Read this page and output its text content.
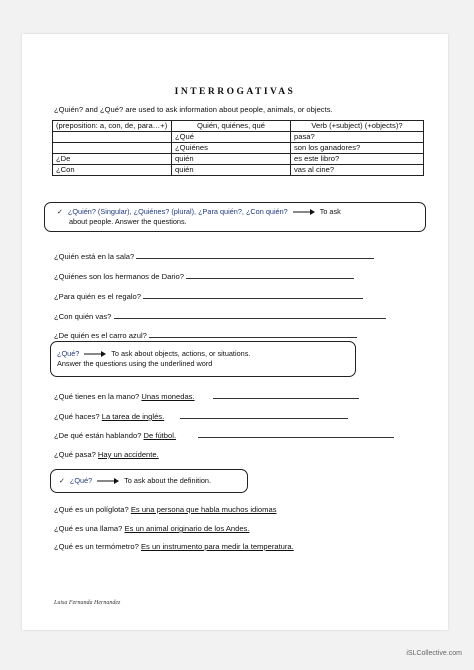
INTERROGATIVAS
¿Quién? and ¿Qué? are used to ask information about people, animals, or objects.
(preposition: a, con, de, para…+)	Quién, quiénes, qué	Verb (+subject) (+objects)?
	¿Qué	pasa?
	¿Quiénes	son los ganadores?
¿De	quién	es este libro?
¿Con	quién	vas al cine?
✓ ¿Quién? (Singular), ¿Quiénes? (plural), ¿Para quién?, ¿Con quién?	To ask
about people. Answer the questions.
¿Quién está en la sala?
¿Quiénes son los hermanos de Dario?
¿Para quién es el regalo?
¿Con quién vas?
¿De quién es el carro azul?
¿Qué?	To ask about objects, actions, or situations.
Answer the questions using the underlined word
¿Qué tienes en la mano? Unas monedas.
¿Qué haces? La tarea de inglés.
¿De qué están hablando? De fútbol.
¿Qué pasa? Hay un accidente.
✓ ¿Qué?	To ask about the definition.
¿Qué es un políglota? Es una persona que habla muchos idiomas
¿Qué es una llama? Es un animal originario de los Andes.
¿Qué es un termómetro? Es un instrumento para medir la temperatura.
Luisa Fernanda Hernandez
iSLCollective.com
